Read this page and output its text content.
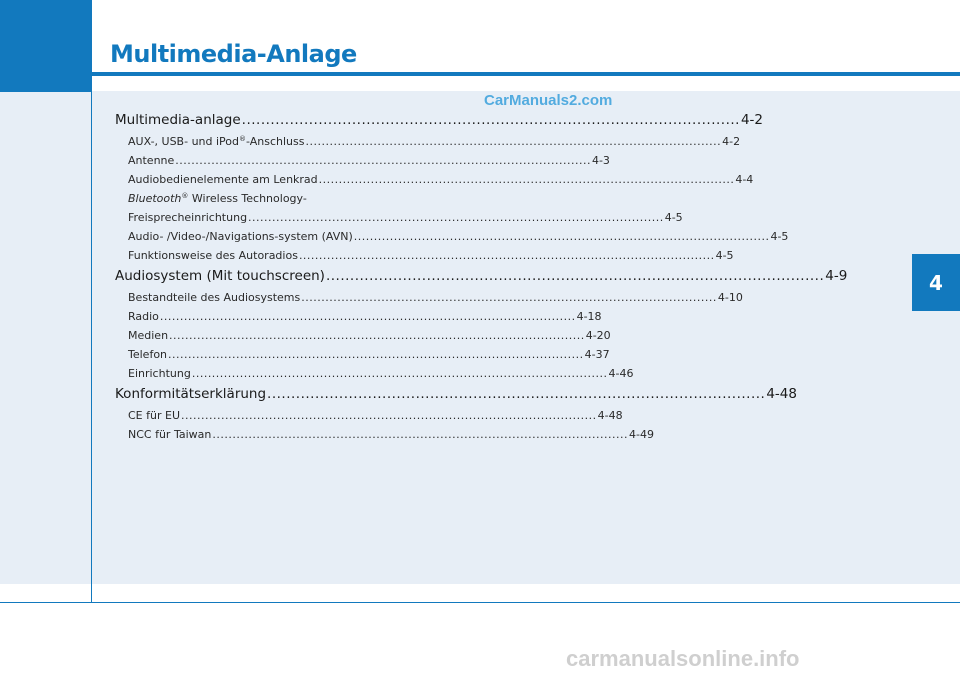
Multimedia-Anlage
4
Multimedia-anlage ........................................................................................................ 4-2
AUX-, USB- und iPod®-Anschluss ........................................................................................................ 4-2
Antenne ........................................................................................................ 4-3
Audiobedienelemente am Lenkrad ........................................................................................................ 4-4
Bluetooth® Wireless Technology-
Freisprecheinrichtung ........................................................................................................ 4-5
Audio- /Video-/Navigations-system (AVN) ........................................................................................................ 4-5
Funktionsweise des Autoradios ........................................................................................................ 4-5
Audiosystem (Mit touchscreen) ........................................................................................................ 4-9
Bestandteile des Audiosystems ........................................................................................................ 4-10
Radio ........................................................................................................ 4-18
Medien ........................................................................................................ 4-20
Telefon ........................................................................................................ 4-37
Einrichtung ........................................................................................................ 4-46
Konformitätserklärung ........................................................................................................ 4-48
CE für EU ........................................................................................................ 4-48
NCC für Taiwan ........................................................................................................ 4-49
CarManuals2.com
carmanualsonline.info
